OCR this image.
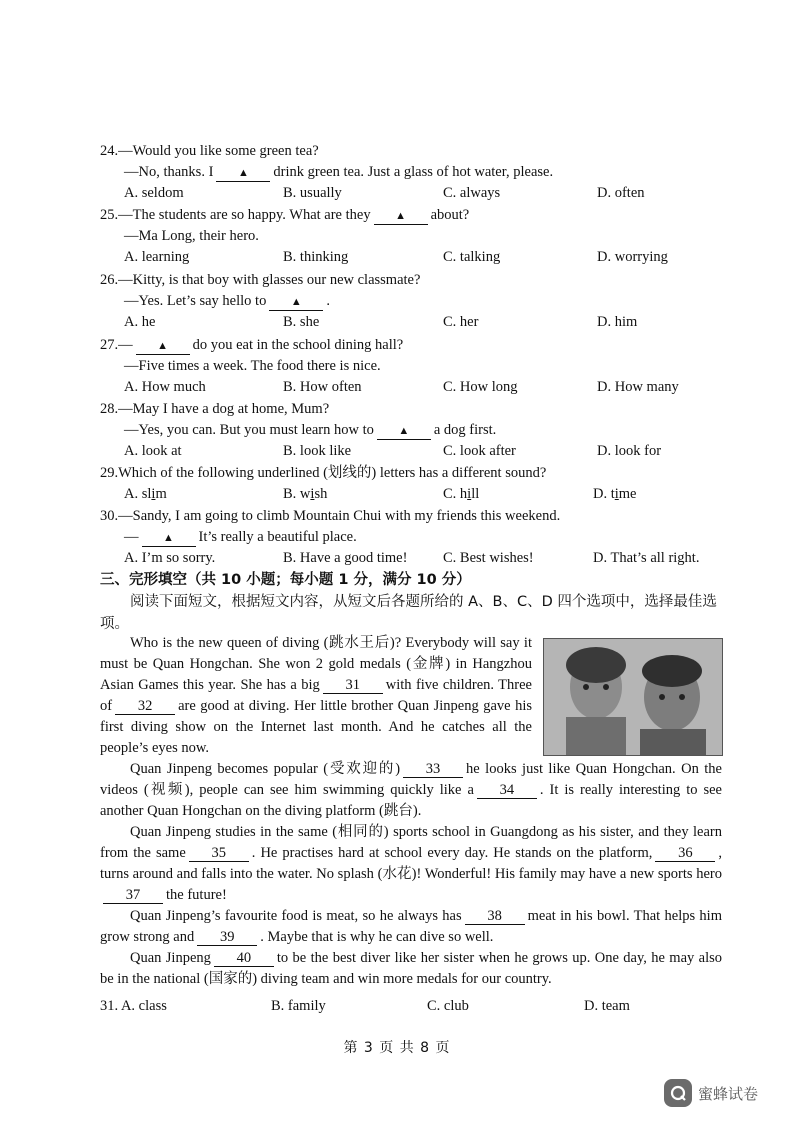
24.—Would you like some green tea?
—No, thanks. I ▲ drink green tea. Just a glass of hot water, please.
A. seldom	B. usually	C. always	D. often
25.—The students are so happy. What are they ▲ about?
—Ma Long, their hero.
A. learning	B. thinking	C. talking	D. worrying
26.—Kitty, is that boy with glasses our new classmate?
—Yes. Let’s say hello to ▲ .
A. he	B. she	C. her	D. him
27.— ▲ do you eat in the school dining hall?
—Five times a week. The food there is nice.
A. How much	B. How often	C. How long	D. How many
28.—May I have a dog at home, Mum?
—Yes, you can. But you must learn how to ▲ a dog first.
A. look at	B. look like	C. look after	D. look for
29.Which of the following underlined (划线的) letters has a different sound?
A. slim	B. wish	C. hill	D. time
30.—Sandy, I am going to climb Mountain Chui with my friends this weekend.
— ▲ It’s really a beautiful place.
A. I’m so sorry.	B. Have a good time! C. Best wishes!	D. That’s all right.
三、完形填空（共 10 小题；每小题 1 分，满分 10 分）
阅读下面短文，根据短文内容，从短文后各题所给的 A、B、C、D 四个选项中，选择最佳选项。

Who is the new queen of diving (跳水王后)? Everybody will say it must be Quan Hongchan. She won 2 gold medals (金牌) in Hangzhou Asian Games this year. She has a big 31 with five children. Three of 32 are good at diving. Her little brother Quan Jinpeng gave his first diving show on the Internet last month. And he catches all the people’s eyes now.

Quan Jinpeng becomes popular (受欢迎的) 33 he looks just like Quan Hongchan. On the videos (视频), people can see him swimming quickly like a 34 . It is really interesting to see another Quan Hongchan on the diving platform (跳台).

Quan Jinpeng studies in the same (相同的) sports school in Guangdong as his sister, and they learn from the same 35 . He practises hard at school every day. He stands on the platform, 36 , turns around and falls into the water. No splash (水花)! Wonderful! His family may have a new sports hero37 the future!

Quan Jinpeng’s favourite food is meat, so he always has 38 meat in his bowl. That helps him grow strong and 39 . Maybe that is why he can dive so well.

Quan Jinpeng 40 to be the best diver like her sister when he grows up. One day, he may also be in the national (国家的) diving team and win more medals for our country.

31. A. class	B. family	C. club	D. team
第 3 页 共 8 页
蜜蜂试卷
